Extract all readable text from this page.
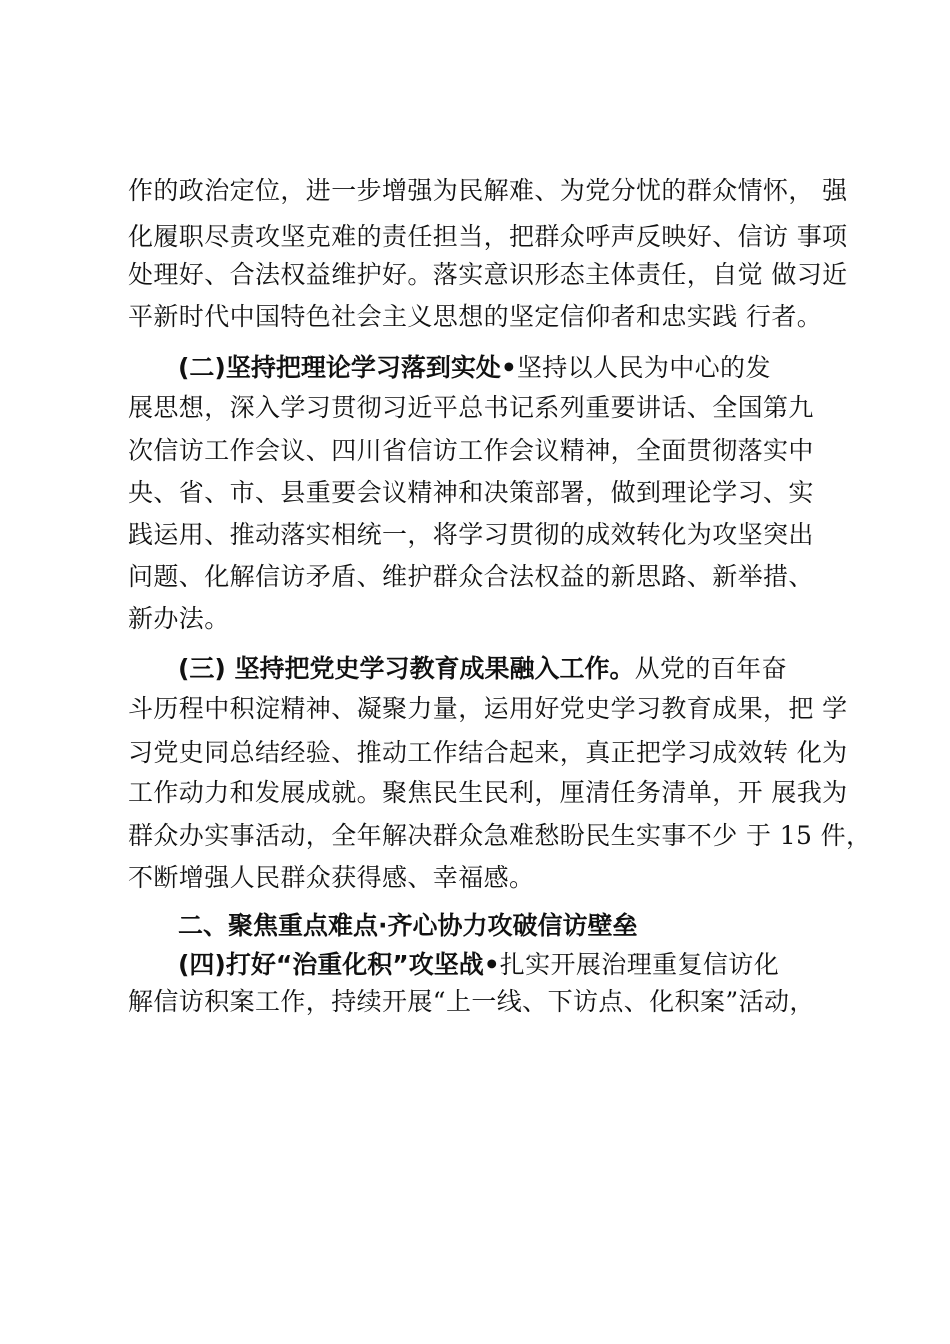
作的政治定位，进一步增强为民解难、为党分忧的群众情怀， 强
化履职尽责攻坚克难的责任担当，把群众呼声反映好、信访 事项
处理好、合法权益维护好。落实意识形态主体责任，自觉 做习近
平新时代中国特色社会主义思想的坚定信仰者和忠实践 行者。
(二)坚持把理论学习落到实处•坚持以人民为中心的发
展思想，深入学习贯彻习近平总书记系列重要讲话、全国第九
次信访工作会议、四川省信访工作会议精神，全面贯彻落实中
央、省、市、县重要会议精神和决策部署，做到理论学习、实
践运用、推动落实相统一，将学习贯彻的成效转化为攻坚突出
问题、化解信访矛盾、维护群众合法权益的新思路、新举措、
新办法。
(三) 坚持把党史学习教育成果融入工作。从党的百年奋
斗历程中积淀精神、凝聚力量，运用好党史学习教育成果，把 学
习党史同总结经验、推动工作结合起来，真正把学习成效转 化为
工作动力和发展成就。聚焦民生民利，厘清任务清单，开 展我为
群众办实事活动，全年解决群众急难愁盼民生实事不少 于 15 件，
不断增强人民群众获得感、幸福感。
二、聚焦重点难点·齐心协力攻破信访壁垒
(四)打好“治重化积”攻坚战•扎实开展治理重复信访化
解信访积案工作，持续开展“上一线、下访点、化积案”活动，
